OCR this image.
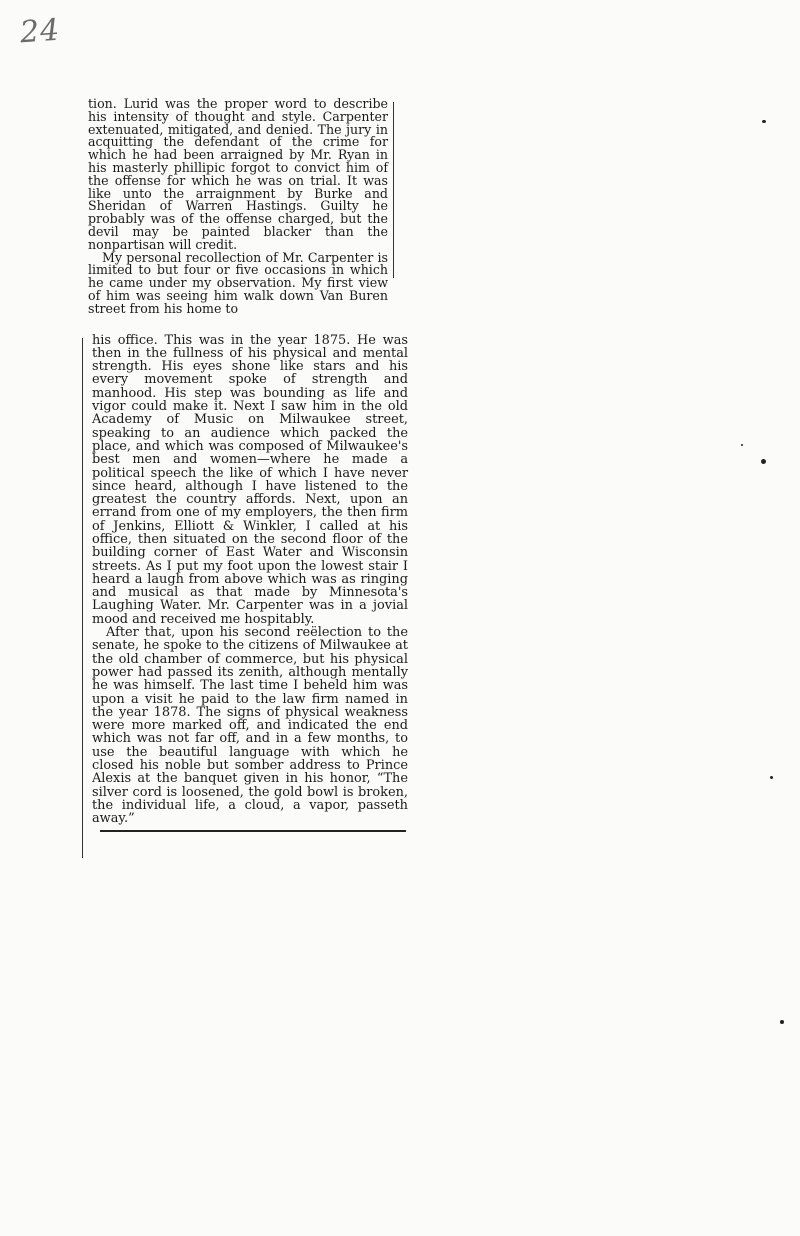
24

tion. Lurid was the proper word to describe his intensity of thought and style. Carpenter extenuated, mitigated, and denied. The jury in acquitting the defendant of the crime for which he had been arraigned by Mr. Ryan in his masterly phillipic forgot to convict him of the offense for which he was on trial. It was like unto the arraignment by Burke and Sheridan of Warren Hastings. Guilty he probably was of the offense charged, but the devil may be painted blacker than the nonpartisan will credit.

My personal recollection of Mr. Carpenter is limited to but four or five occasions in which he came under my observation. My first view of him was seeing him walk down Van Buren street from his home to

his office. This was in the year 1875. He was then in the fullness of his physical and mental strength. His eyes shone like stars and his every movement spoke of strength and manhood. His step was bounding as life and vigor could make it. Next I saw him in the old Academy of Music on Milwaukee street, speaking to an audience which packed the place, and which was composed of Milwaukee's best men and women—where he made a political speech the like of which I have never since heard, although I have listened to the greatest the country affords. Next, upon an errand from one of my employers, the then firm of Jenkins, Elliott & Winkler, I called at his office, then situated on the second floor of the building corner of East Water and Wisconsin streets. As I put my foot upon the lowest stair I heard a laugh from above which was as ringing and musical as that made by Minnesota's Laughing Water. Mr. Carpenter was in a jovial mood and received me hospitably.

After that, upon his second reëlection to the senate, he spoke to the citizens of Milwaukee at the old chamber of commerce, but his physical power had passed its zenith, although mentally he was himself. The last time I beheld him was upon a visit he paid to the law firm named in the year 1878. The signs of physical weakness were more marked off, and indicated the end which was not far off, and in a few months, to use the beautiful language with which he closed his noble but somber address to Prince Alexis at the banquet given in his honor, “The silver cord is loosened, the gold bowl is broken, the individual life, a cloud, a vapor, passeth away.”
